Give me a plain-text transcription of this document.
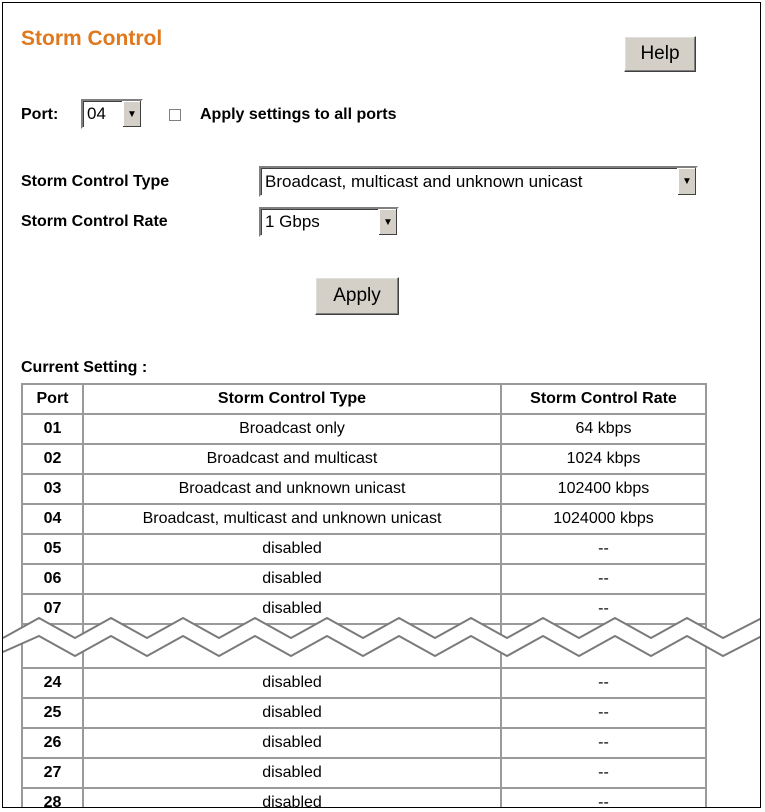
Storm Control
Help
Port: 04	▼	Apply settings to all ports
Storm Control Type	Broadcast, multicast and unknown unicast	▼
Storm Control Rate	1 Gbps	▼
Apply
Current Setting :
Port	Storm Control Type	Storm Control Rate
01	Broadcast only	64 kbps
02	Broadcast and multicast	1024 kbps
03	Broadcast and unknown unicast	102400 kbps
04	Broadcast, multicast and unknown unicast	1024000 kbps
05	disabled	--
06	disabled	--
07	disabled	--

24	disabled	--
25	disabled	--
26	disabled	--
27	disabled	--
28	disabled	--
